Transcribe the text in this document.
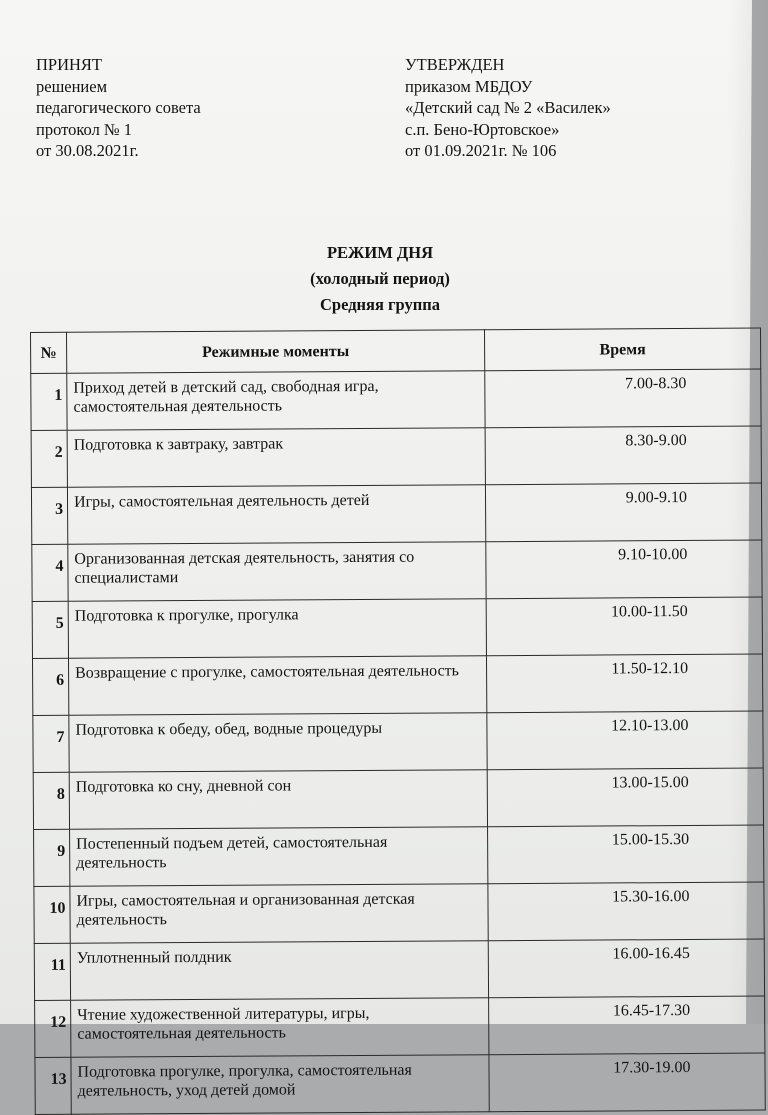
ПРИНЯТ
решением
педагогического совета
протокол № 1
от 30.08.2021г.
УТВЕРЖДЕН
приказом МБДОУ
«Детский сад № 2 «Василек»
с.п. Бено-Юртовское»
от 01.09.2021г. № 106
РЕЖИМ ДНЯ
(холодный период)
Средняя группа
№	Режимные моменты	Время
1	Приход детей в детский сад, свободная игра, самостоятельная деятельность	7.00-8.30
2	Подготовка к завтраку, завтрак	8.30-9.00
3	Игры, самостоятельная деятельность детей	9.00-9.10
4	Организованная детская деятельность, занятия со специалистами	9.10-10.00
5	Подготовка к прогулке, прогулка	10.00-11.50
6	Возвращение с прогулке, самостоятельная деятельность	11.50-12.10
7	Подготовка к обеду, обед, водные процедуры	12.10-13.00
8	Подготовка ко сну, дневной сон	13.00-15.00
9	Постепенный подъем детей, самостоятельная деятельность	15.00-15.30
10	Игры, самостоятельная и организованная детская деятельность	15.30-16.00
11	Уплотненный полдник	16.00-16.45
12	Чтение художественной литературы, игры, самостоятельная деятельность	16.45-17.30
13	Подготовка прогулке, прогулка, самостоятельная деятельность, уход детей домой	17.30-19.00
